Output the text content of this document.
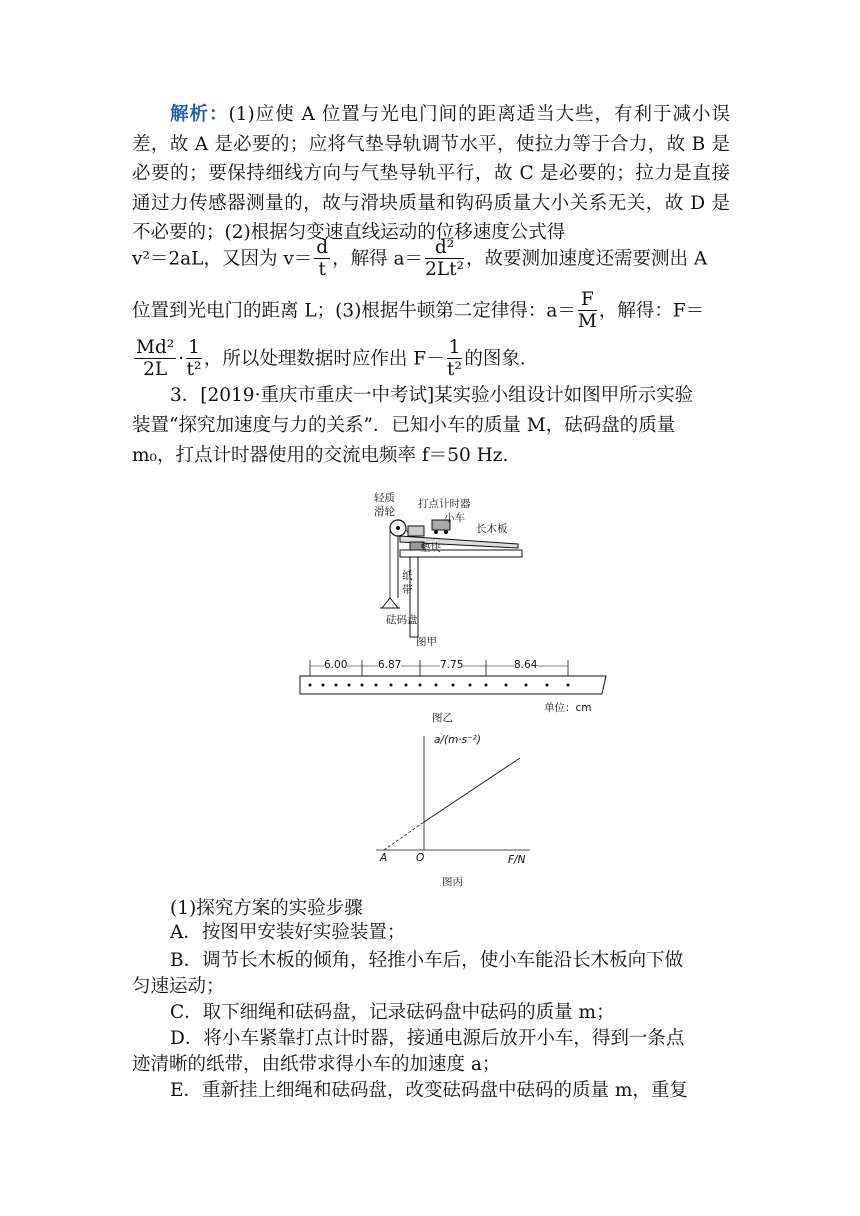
解析：(1)应使 A 位置与光电门间的距离适当大些，有利于减小误差，故 A 是必要的；应将气垫导轨调节水平，使拉力等于合力，故 B 是必要的；要保持细线方向与气垫导轨平行，故 C 是必要的；拉力是直接通过力传感器测量的，故与滑块质量和钩码质量大小关系无关，故 D 是不必要的；(2)根据匀变速直线运动的位移速度公式得
v²＝2aL，又因为 $v= \frac{d}{t}$ ，解得 $a= \frac{\text{d²}}{\text{2Lt²}}$ ，故要测加速度还需要测出 A
位置到光电门的距离 L；(3)根据牛顿第二定律得：$a= \frac{F}{M}$ ，解得：F＝
$\frac{\text{Md²}}{2L} \cdot \frac{1}{\text{t²}}$ ，所以处理数据时应作出 $F- \frac{1}{\text{t²}}$ 的图象．
3．[2019·重庆市重庆一中考试]某实验小组设计如图甲所示实验
装置“探究加速度与力的关系”．已知小车的质量 M，砝码盘的质量
m₀，打点计时器使用的交流电频率 f＝50 Hz.
轻质
滑轮
打点计时器
小车
长木板
垫块
纸
带
砝码盘
图甲
6.00	6.87	7.75	8.64
图乙
单位：cm
a/(m·s⁻²)
F/N
A	O
图丙
(1)探究方案的实验步骤
A．按图甲安装好实验装置；
B．调节长木板的倾角，轻推小车后，使小车能沿长木板向下做
匀速运动；
C．取下细绳和砝码盘，记录砝码盘中砝码的质量 m；
D．将小车紧靠打点计时器，接通电源后放开小车，得到一条点
迹清晰的纸带，由纸带求得小车的加速度 a；
E．重新挂上细绳和砝码盘，改变砝码盘中砝码的质量 m，重复
